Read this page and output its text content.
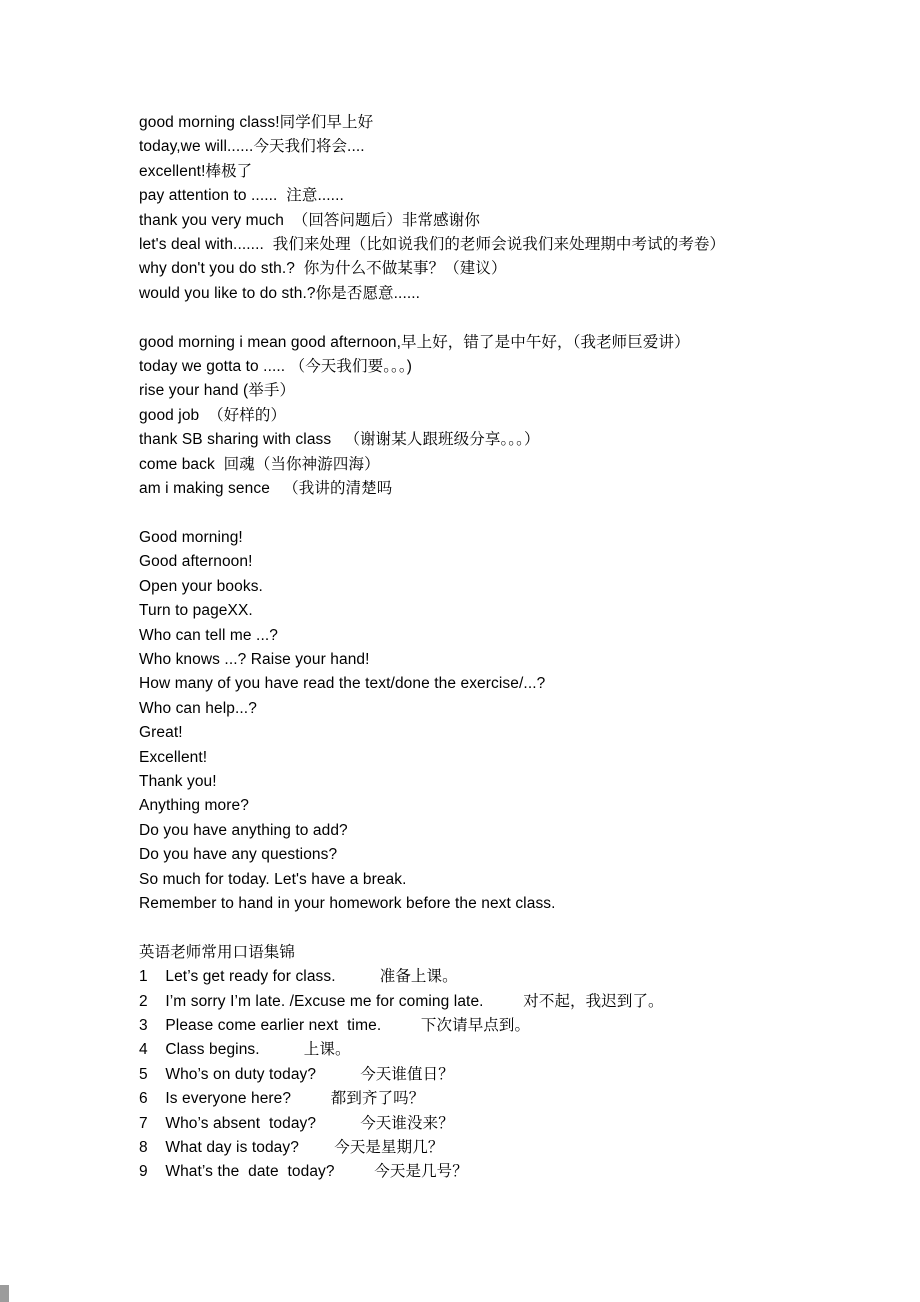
good morning class!同学们早上好
today,we will......今天我们将会....
excellent!棒极了
pay attention to ......  注意......
thank you very much  （回答问题后）非常感谢你
let's deal with.......  我们来处理（比如说我们的老师会说我们来处理期中考试的考卷）
why don't you do sth.?  你为什么不做某事？（建议）
would you like to do sth.?你是否愿意......
good morning i mean good afternoon,早上好，错了是中午好，（我老师巨爱讲）
today we gotta to ..... （今天我们要。。。)
rise your hand (举手）
good job  （好样的）
thank SB sharing with class   （谢谢某人跟班级分享。。。）
come back  回魂（当你神游四海）
am i making sence   （我讲的清楚吗
Good morning!
Good afternoon!
Open your books.
Turn to pageXX.
Who can tell me ...?
Who knows ...? Raise your hand!
How many of you have read the text/done the exercise/...?
Who can help...?
Great!
Excellent!
Thank you!
Anything more?
Do you have anything to add?
Do you have any questions?
So much for today. Let's have a break.
Remember to hand in your homework before the next class.
英语老师常用口语集锦
1    Let’s get ready for class.          准备上课。
2    I’m sorry I’m late. /Excuse me for coming late.         对不起，我迟到了。
3    Please come earlier next  time.         下次请早点到。
4    Class begins.          上课。
5    Who’s on duty today?          今天谁值日？
6    Is everyone here?         都到齐了吗？
7    Who’s absent  today?          今天谁没来？
8    What day is today?        今天是星期几？
9    What’s the  date  today?         今天是几号？
